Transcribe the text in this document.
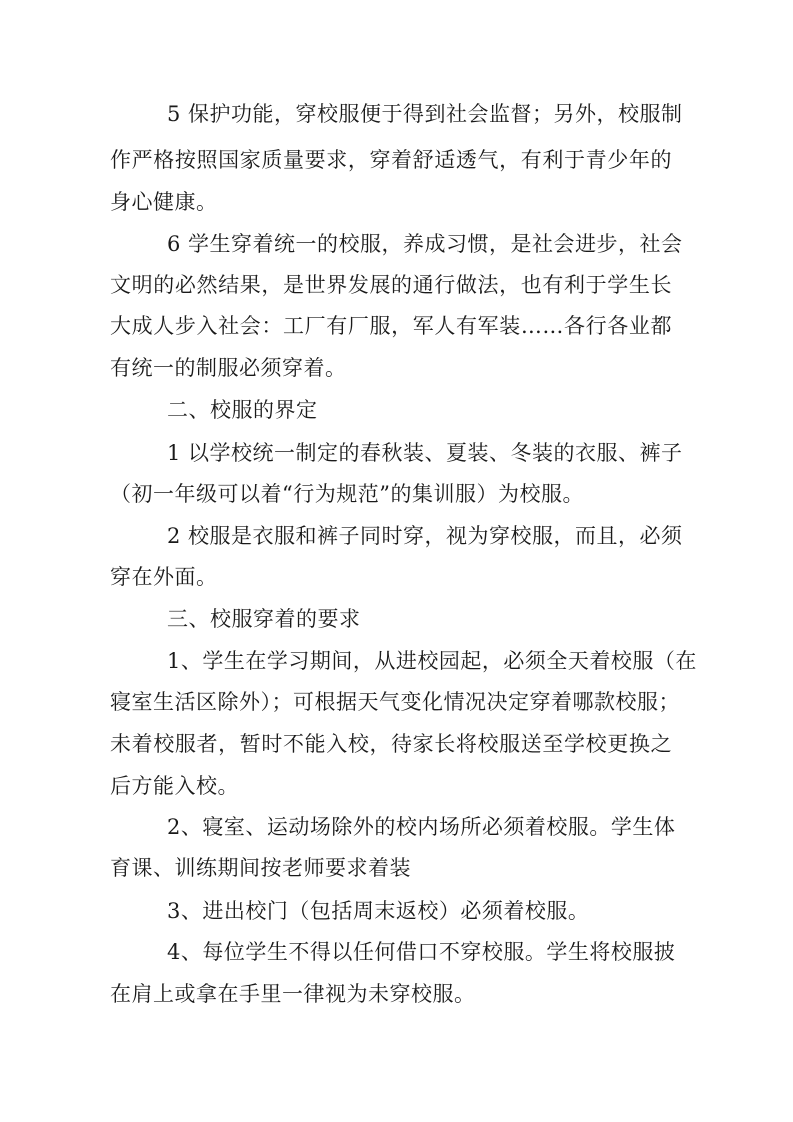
5 保护功能，穿校服便于得到社会监督；另外，校服制
作严格按照国家质量要求，穿着舒适透气，有利于青少年的
身心健康。
6 学生穿着统一的校服，养成习惯，是社会进步，社会
文明的必然结果，是世界发展的通行做法，也有利于学生长
大成人步入社会：工厂有厂服，军人有军装……各行各业都
有统一的制服必须穿着。
二、校服的界定
1 以学校统一制定的春秋装、夏装、冬装的衣服、裤子
（初一年级可以着“行为规范”的集训服）为校服。
2 校服是衣服和裤子同时穿，视为穿校服，而且，必须
穿在外面。
三、校服穿着的要求
1、学生在学习期间，从进校园起，必须全天着校服（在
寝室生活区除外）；可根据天气变化情况决定穿着哪款校服；
未着校服者，暂时不能入校，待家长将校服送至学校更换之
后方能入校。
2、寝室、运动场除外的校内场所必须着校服。学生体
育课、训练期间按老师要求着装
3、进出校门（包括周末返校）必须着校服。
4、每位学生不得以任何借口不穿校服。学生将校服披
在肩上或拿在手里一律视为未穿校服。
